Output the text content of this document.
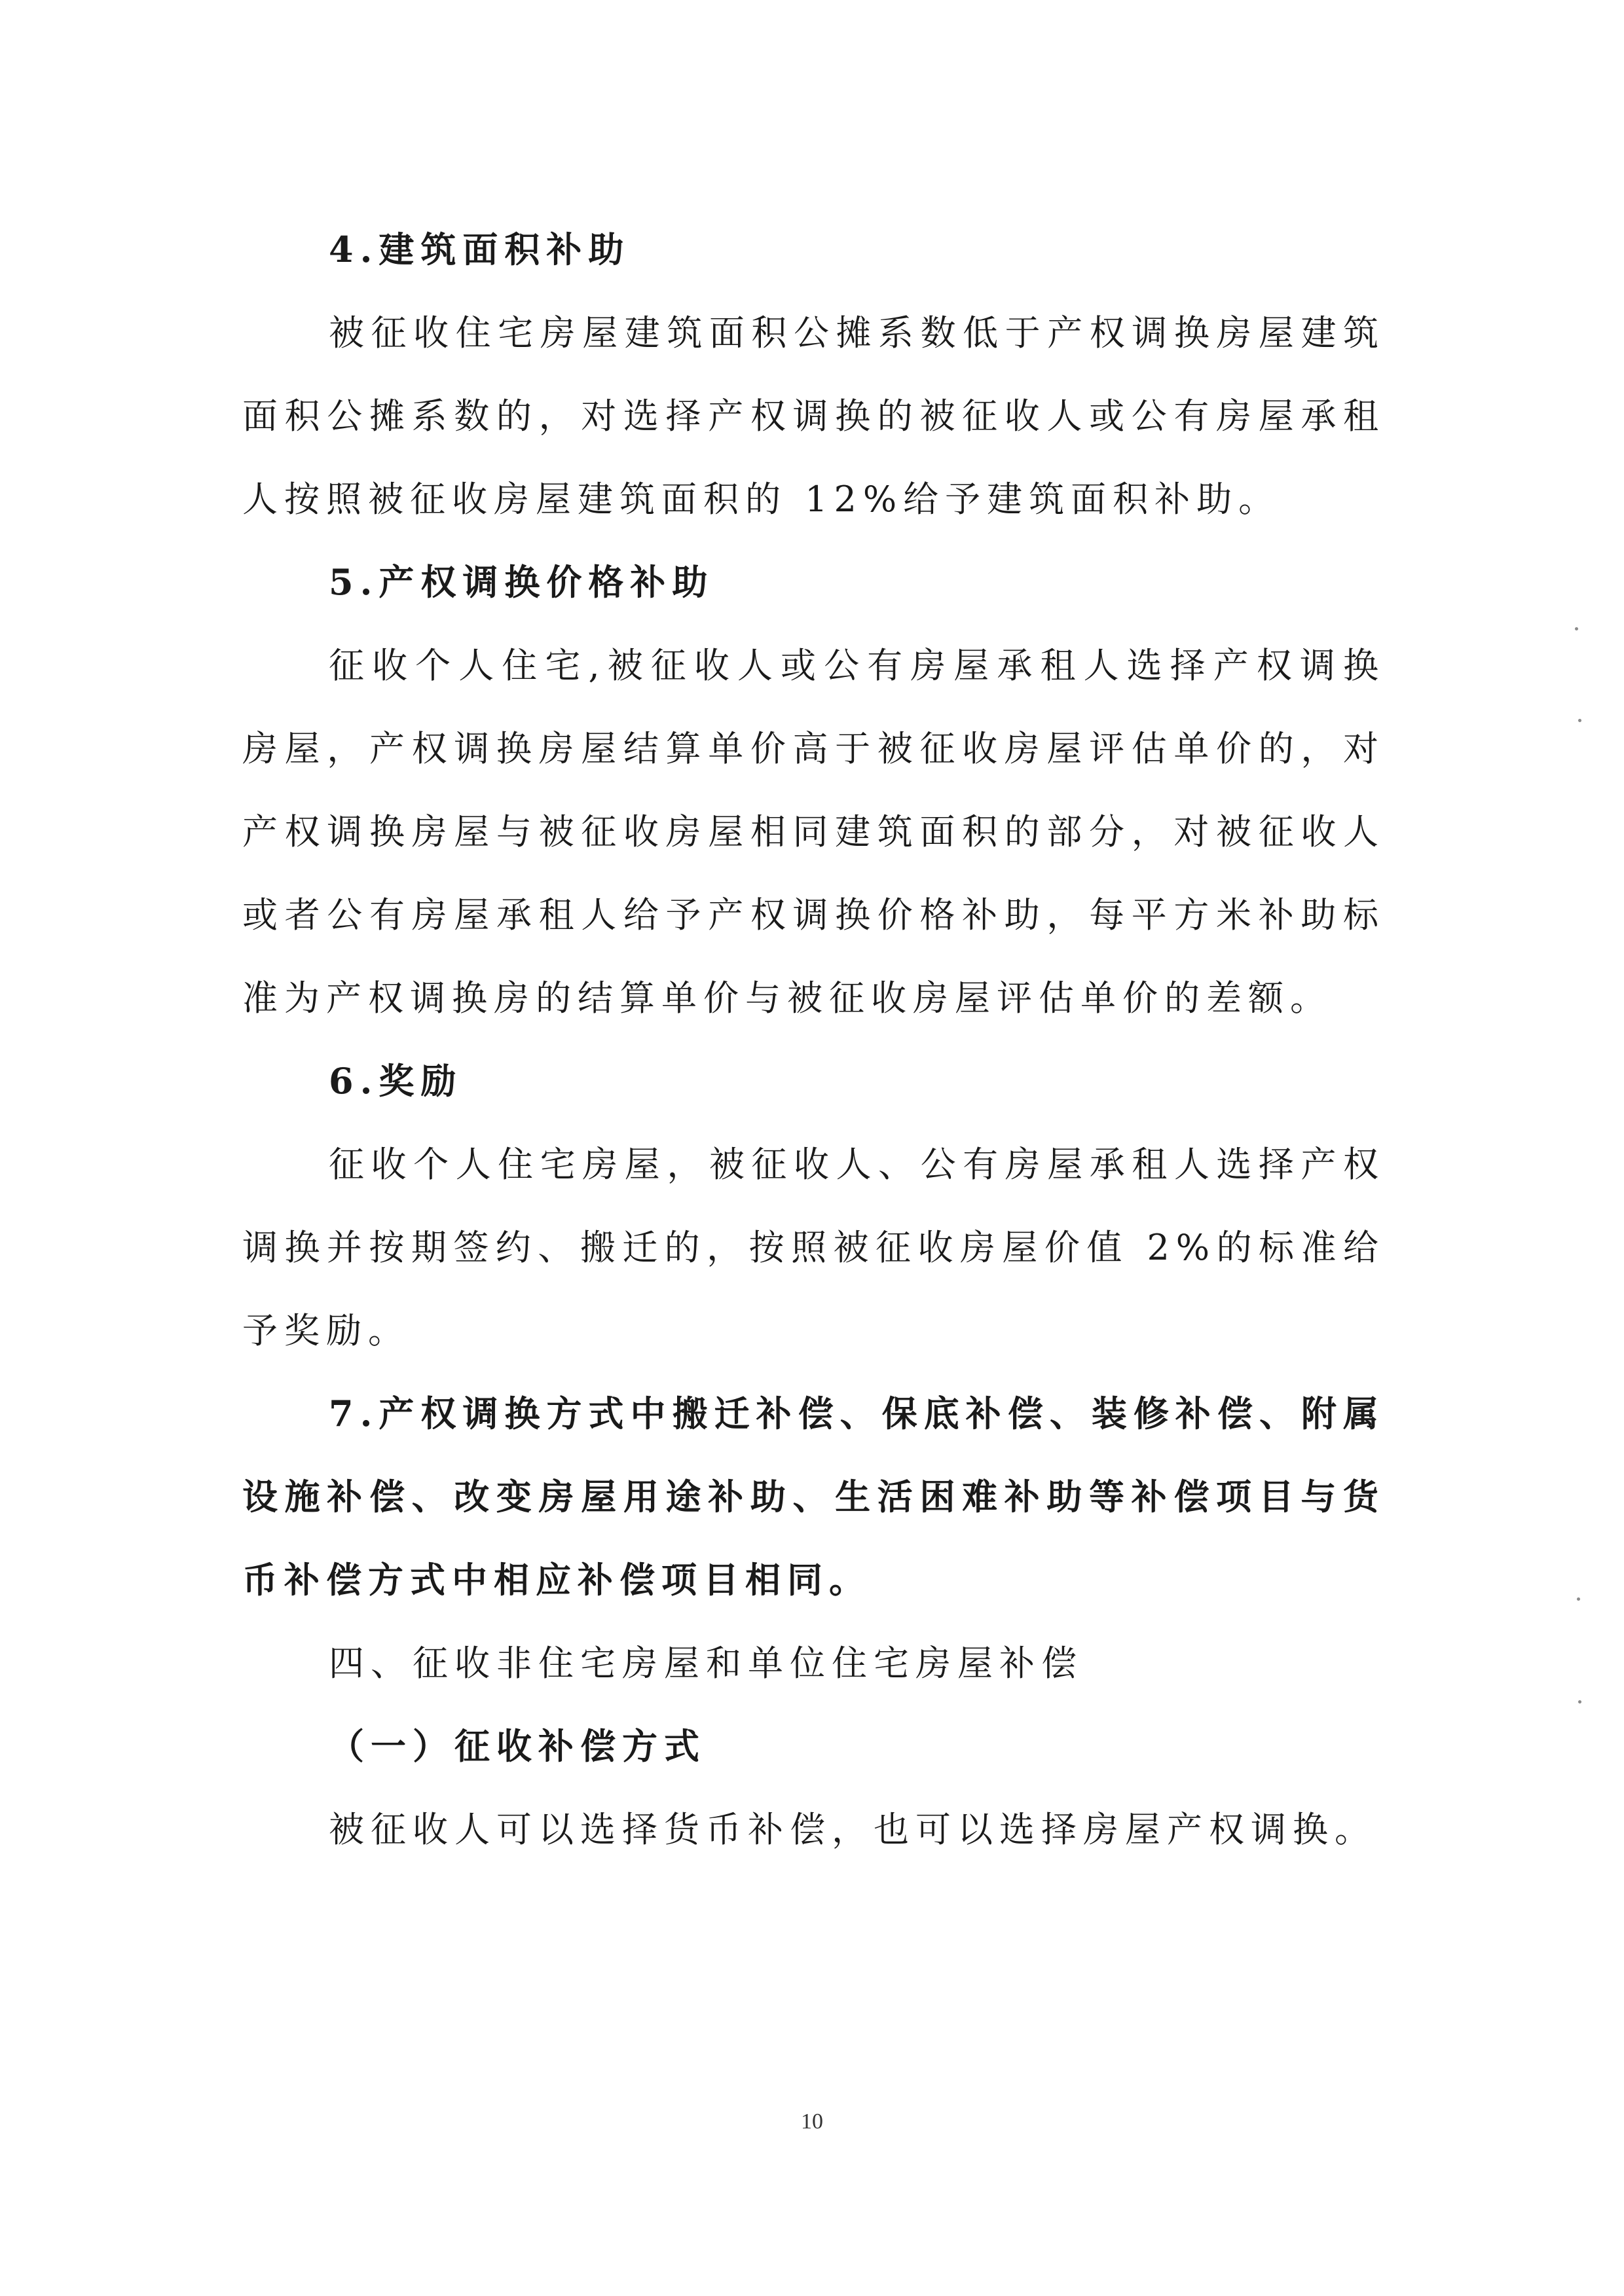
4.建筑面积补助

被征收住宅房屋建筑面积公摊系数低于产权调换房屋建筑面积公摊系数的，对选择产权调换的被征收人或公有房屋承租人按照被征收房屋建筑面积的 12%给予建筑面积补助。

5.产权调换价格补助

征收个人住宅,被征收人或公有房屋承租人选择产权调换房屋，产权调换房屋结算单价高于被征收房屋评估单价的，对产权调换房屋与被征收房屋相同建筑面积的部分，对被征收人或者公有房屋承租人给予产权调换价格补助，每平方米补助标准为产权调换房的结算单价与被征收房屋评估单价的差额。

6.奖励

征收个人住宅房屋，被征收人、公有房屋承租人选择产权调换并按期签约、搬迁的，按照被征收房屋价值 2%的标准给予奖励。

7.产权调换方式中搬迁补偿、保底补偿、装修补偿、附属设施补偿、改变房屋用途补助、生活困难补助等补偿项目与货币补偿方式中相应补偿项目相同。

四、征收非住宅房屋和单位住宅房屋补偿

（一）征收补偿方式

被征收人可以选择货币补偿，也可以选择房屋产权调换。

10
